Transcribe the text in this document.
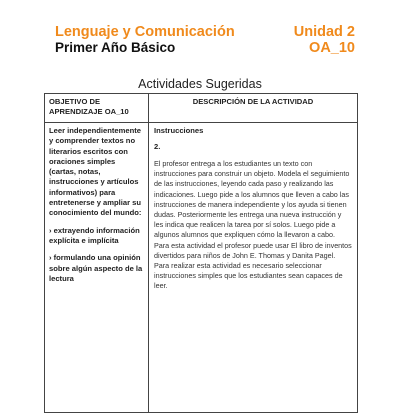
Lenguaje y Comunicación	Unidad 2
Primer Año Básico	OA_10
Actividades Sugeridas
OBJETIVO DE APRENDIZAJE OA_10
DESCRIPCIÓN DE LA ACTIVIDAD

Leer independientemente y comprender textos no literarios escritos con oraciones simples (cartas, notas, instrucciones y artículos informativos) para entretenerse y ampliar su conocimiento del mundo:

› extrayendo información explícita e implícita

› formulando una opinión sobre algún aspecto de la lectura

Instrucciones
2.

El profesor entrega a los estudiantes un texto con instrucciones para construir un objeto. Modela el seguimiento de las instrucciones, leyendo cada paso y realizando las indicaciones. Luego pide a los alumnos que lleven a cabo las instrucciones de manera independiente y los ayuda si tienen dudas. Posteriormente les entrega una nueva instrucción y les indica que realicen la tarea por sí solos. Luego pide a algunos alumnos que expliquen cómo la llevaron a cabo. Para esta actividad el profesor puede usar El libro de inventos divertidos para niños de John E. Thomas y Danita Pagel. Para realizar esta actividad es necesario seleccionar instrucciones simples que los estudiantes sean capaces de leer.
